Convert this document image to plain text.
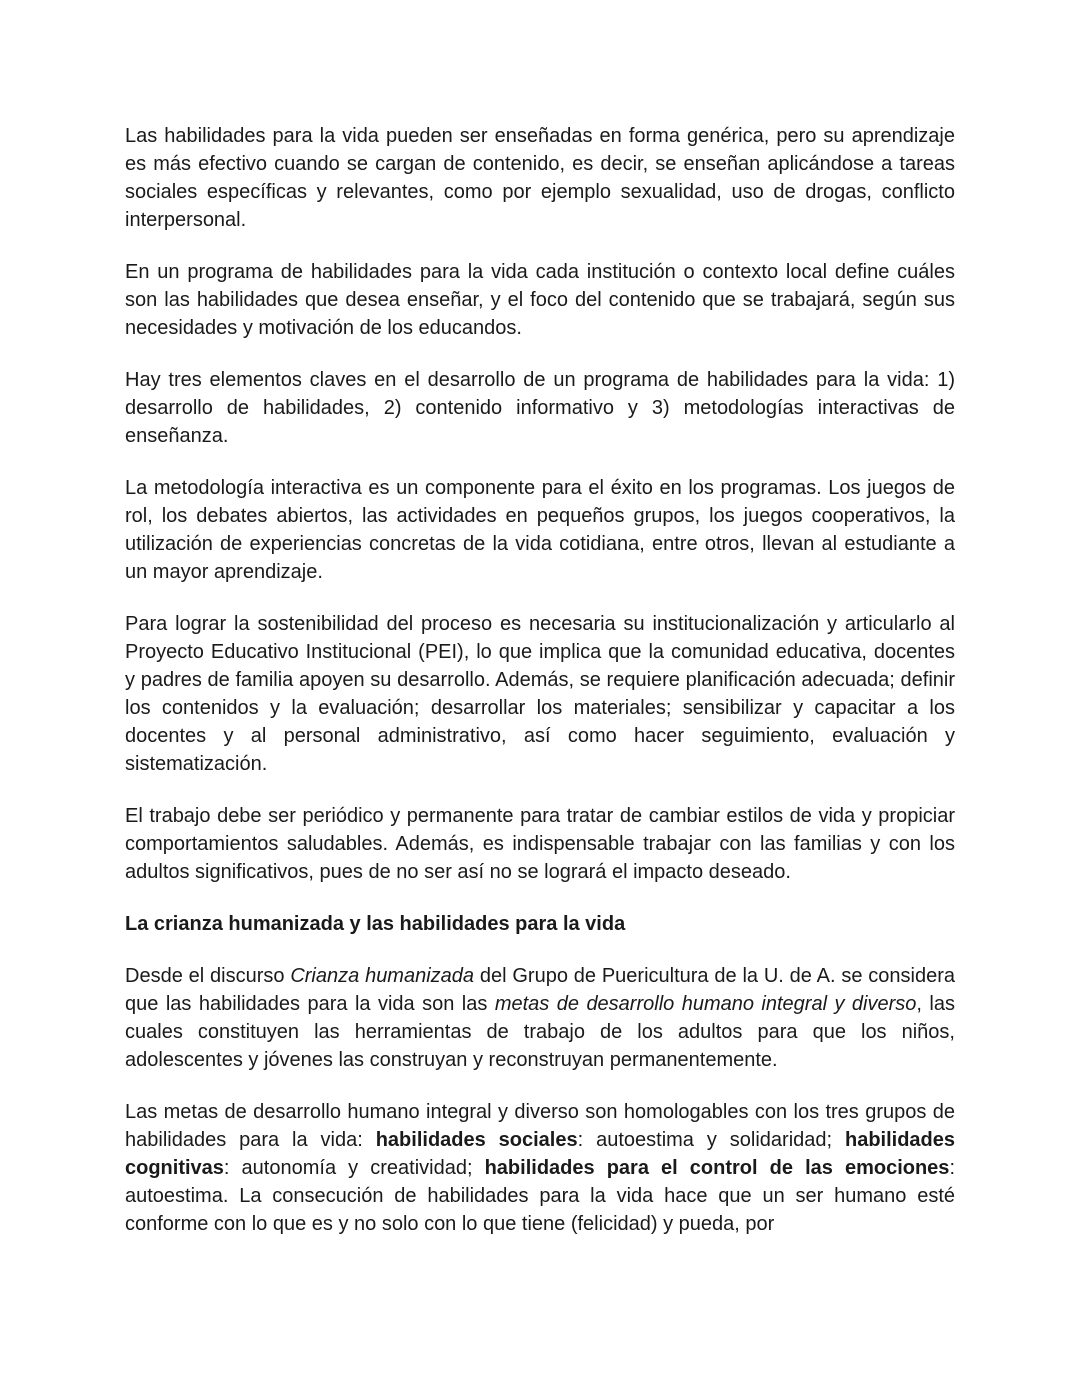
Las habilidades para la vida pueden ser enseñadas en forma genérica, pero su aprendizaje es más efectivo cuando se cargan de contenido, es decir, se enseñan aplicándose a tareas sociales específicas y relevantes, como por ejemplo sexualidad, uso de drogas, conflicto interpersonal.

En un programa de habilidades para la vida cada institución o contexto local define cuáles son las habilidades que desea enseñar, y el foco del contenido que se trabajará, según sus necesidades y motivación de los educandos.

Hay tres elementos claves en el desarrollo de un programa de habilidades para la vida: 1) desarrollo de habilidades, 2) contenido informativo y 3) metodologías interactivas de enseñanza.

La metodología interactiva es un componente para el éxito en los programas. Los juegos de rol, los debates abiertos, las actividades en pequeños grupos, los juegos cooperativos, la utilización de experiencias concretas de la vida cotidiana, entre otros, llevan al estudiante a un mayor aprendizaje.

Para lograr la sostenibilidad del proceso es necesaria su institucionalización y articularlo al Proyecto Educativo Institucional (PEI), lo que implica que la comunidad educativa, docentes y padres de familia apoyen su desarrollo. Además, se requiere planificación adecuada; definir los contenidos y la evaluación; desarrollar los materiales; sensibilizar y capacitar a los docentes y al personal administrativo, así como hacer seguimiento, evaluación y sistematización.

El trabajo debe ser periódico y permanente para tratar de cambiar estilos de vida y propiciar comportamientos saludables. Además, es indispensable trabajar con las familias y con los adultos significativos, pues de no ser así no se logrará el impacto deseado.

La crianza humanizada y las habilidades para la vida

Desde el discurso Crianza humanizada del Grupo de Puericultura de la U. de A. se considera que las habilidades para la vida son las metas de desarrollo humano integral y diverso, las cuales constituyen las herramientas de trabajo de los adultos para que los niños, adolescentes y jóvenes las construyan y reconstruyan permanentemente.

Las metas de desarrollo humano integral y diverso son homologables con los tres grupos de habilidades para la vida: habilidades sociales: autoestima y solidaridad; habilidades cognitivas: autonomía y creatividad; habilidades para el control de las emociones: autoestima. La consecución de habilidades para la vida hace que un ser humano esté conforme con lo que es y no solo con lo que tiene (felicidad) y pueda, por
